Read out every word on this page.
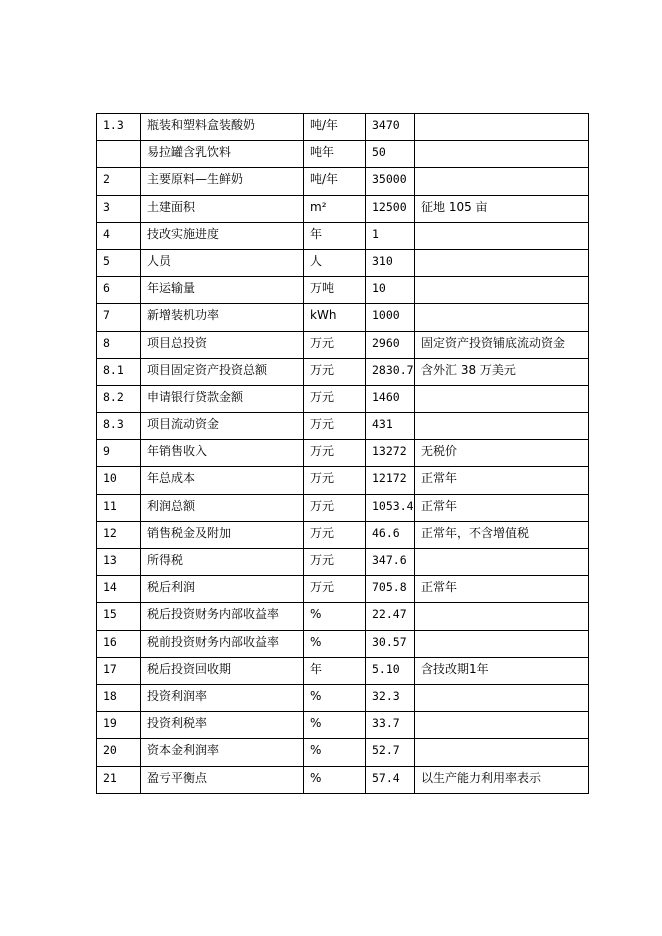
1.3	瓶装和塑料盒装酸奶	吨/年	3470	
	易拉罐含乳饮料	吨年	50	
2	主要原料—生鲜奶	吨/年	35000	
3	土建面积	m²	12500	征地 105 亩
4	技改实施进度	年	1	
5	人员	人	310	
6	年运输量	万吨	10	
7	新增装机功率	kWh	1000	
8	项目总投资	万元	2960	固定资产投资铺底流动资金
8.1	项目固定资产投资总额	万元	2830.7	含外汇 38 万美元
8.2	申请银行贷款金额	万元	1460	
8.3	项目流动资金	万元	431	
9	年销售收入	万元	13272	无税价
10	年总成本	万元	12172	正常年
11	利润总额	万元	1053.4	正常年
12	销售税金及附加	万元	46.6	正常年，不含增值税
13	所得税	万元	347.6	
14	税后利润	万元	705.8	正常年
15	税后投资财务内部收益率	%	22.47	
16	税前投资财务内部收益率	%	30.57	
17	税后投资回收期	年	5.10	含技改期1年
18	投资利润率	%	32.3	
19	投资利税率	%	33.7	
20	资本金利润率	%	52.7	
21	盈亏平衡点	%	57.4	以生产能力利用率表示
